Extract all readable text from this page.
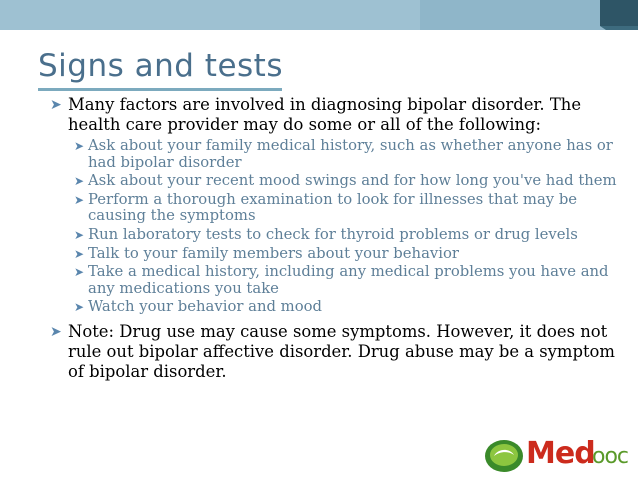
Signs and tests
➤ Many factors are involved in diagnosing bipolar disorder. The health care provider may do some or all of the following:
➤ Ask about your family medical history, such as whether anyone has or had bipolar disorder
➤ Ask about your recent mood swings and for how long you've had them
➤ Perform a thorough examination to look for illnesses that may be causing the symptoms
➤ Run laboratory tests to check for thyroid problems or drug levels
➤ Talk to your family members about your behavior
➤ Take a medical history, including any medical problems you have and any medications you take
➤ Watch your behavior and mood
➤ Note: Drug use may cause some symptoms. However, it does not rule out bipolar affective disorder. Drug abuse may be a symptom of bipolar disorder.
Med
ooc
